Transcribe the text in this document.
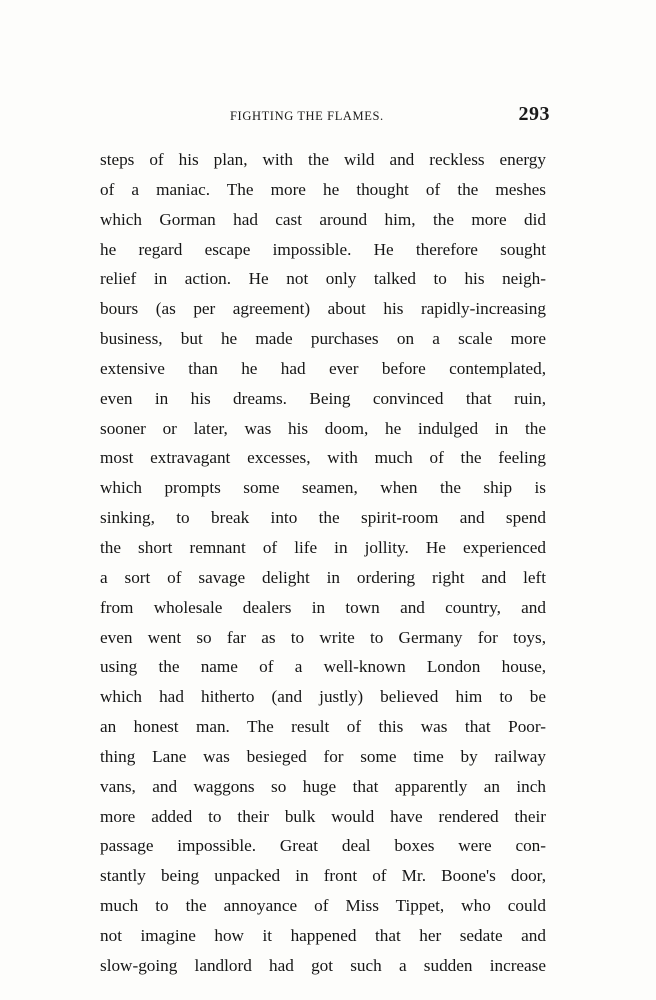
FIGHTING THE FLAMES.	293
steps of his plan, with the wild and reckless energy
of a maniac. The more he thought of the meshes
which Gorman had cast around him, the more did
he regard escape impossible. He therefore sought
relief in action. He not only talked to his neigh-
bours (as per agreement) about his rapidly-increasing
business, but he made purchases on a scale more
extensive than he had ever before contemplated,
even in his dreams. Being convinced that ruin,
sooner or later, was his doom, he indulged in the
most extravagant excesses, with much of the feeling
which prompts some seamen, when the ship is
sinking, to break into the spirit-room and spend
the short remnant of life in jollity. He experienced
a sort of savage delight in ordering right and left
from wholesale dealers in town and country, and
even went so far as to write to Germany for toys,
using the name of a well-known London house,
which had hitherto (and justly) believed him to be
an honest man. The result of this was that Poor-
thing Lane was besieged for some time by railway
vans, and waggons so huge that apparently an inch
more added to their bulk would have rendered their
passage impossible. Great deal boxes were con-
stantly being unpacked in front of Mr. Boone's door,
much to the annoyance of Miss Tippet, who could
not imagine how it happened that her sedate and
slow-going landlord had got such a sudden increase
